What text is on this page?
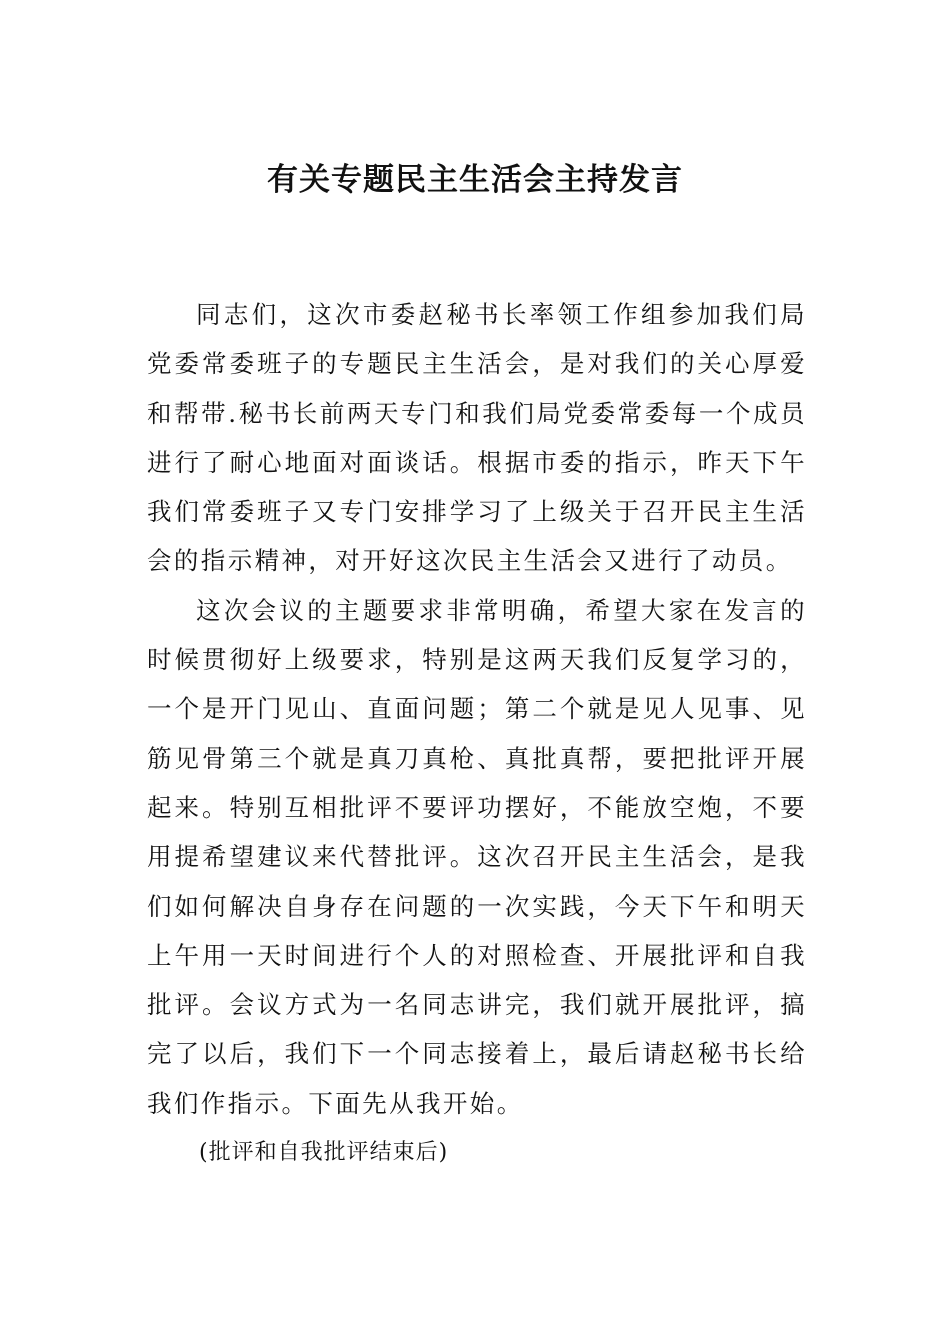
有关专题民主生活会主持发言

同志们，这次市委赵秘书长率领工作组参加我们局党委常委班子的专题民主生活会，是对我们的关心厚爱和帮带.秘书长前两天专门和我们局党委常委每一个成员进行了耐心地面对面谈话。根据市委的指示，昨天下午我们常委班子又专门安排学习了上级关于召开民主生活会的指示精神，对开好这次民主生活会又进行了动员。

这次会议的主题要求非常明确，希望大家在发言的时候贯彻好上级要求，特别是这两天我们反复学习的，一个是开门见山、直面问题；第二个就是见人见事、见筋见骨第三个就是真刀真枪、真批真帮，要把批评开展起来。特别互相批评不要评功摆好，不能放空炮，不要用提希望建议来代替批评。这次召开民主生活会，是我们如何解决自身存在问题的一次实践，今天下午和明天上午用一天时间进行个人的对照检查、开展批评和自我批评。会议方式为一名同志讲完，我们就开展批评，搞完了以后，我们下一个同志接着上，最后请赵秘书长给我们作指示。下面先从我开始。

(批评和自我批评结束后)
